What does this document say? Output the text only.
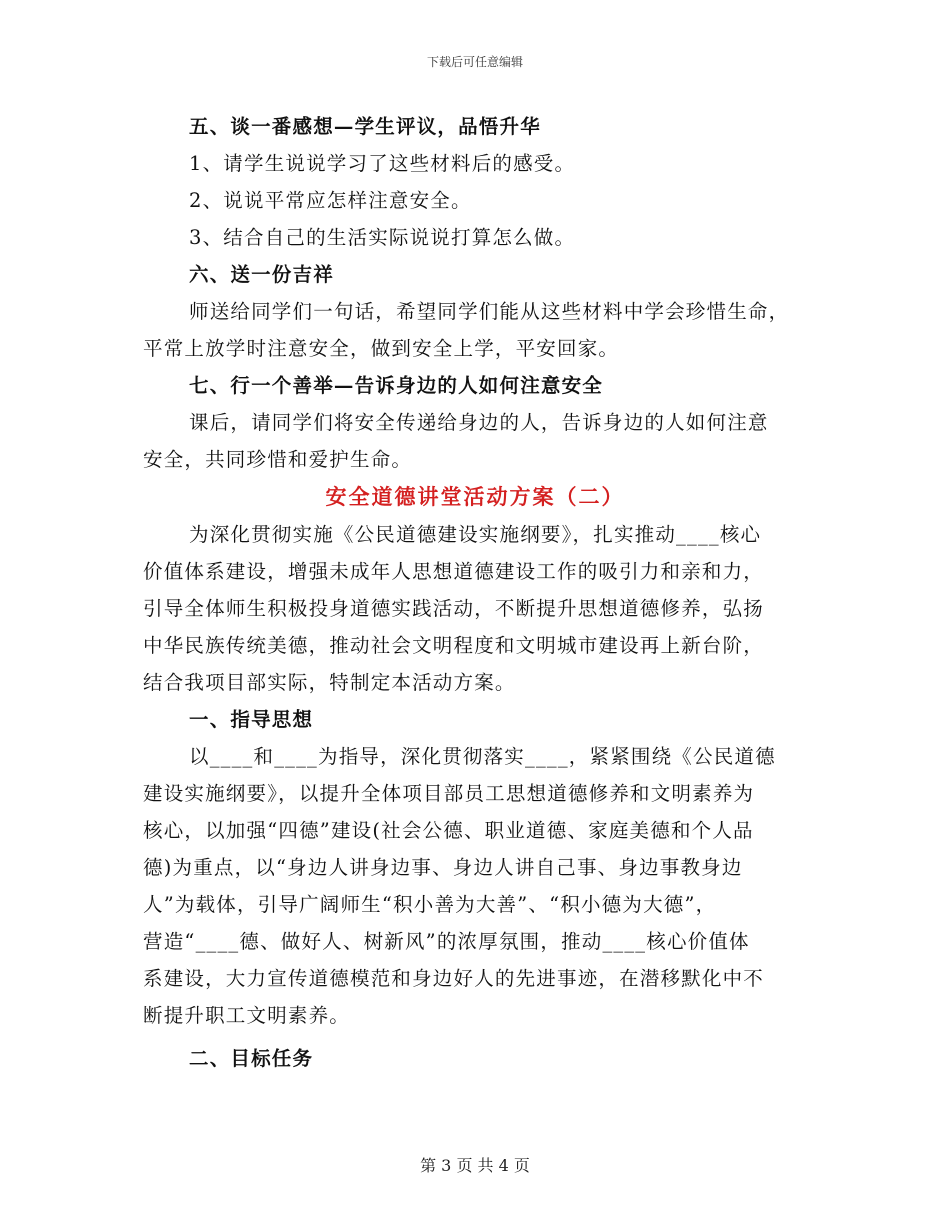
下载后可任意编辑
五、谈一番感想—学生评议，品悟升华
1、请学生说说学习了这些材料后的感受。
2、说说平常应怎样注意安全。
3、结合自己的生活实际说说打算怎么做。
六、送一份吉祥
师送给同学们一句话，希望同学们能从这些材料中学会珍惜生命，
平常上放学时注意安全，做到安全上学，平安回家。
七、行一个善举—告诉身边的人如何注意安全
课后，请同学们将安全传递给身边的人，告诉身边的人如何注意
安全，共同珍惜和爱护生命。
安全道德讲堂活动方案（二）
为深化贯彻实施《公民道德建设实施纲要》，扎实推动____核心
价值体系建设，增强未成年人思想道德建设工作的吸引力和亲和力，
引导全体师生积极投身道德实践活动，不断提升思想道德修养，弘扬
中华民族传统美德，推动社会文明程度和文明城市建设再上新台阶，
结合我项目部实际，特制定本活动方案。
一、指导思想
以____和____为指导，深化贯彻落实____，紧紧围绕《公民道德
建设实施纲要》，以提升全体项目部员工思想道德修养和文明素养为
核心，以加强“四德”建设(社会公德、职业道德、家庭美德和个人品
德)为重点，以“身边人讲身边事、身边人讲自己事、身边事教身边
人”为载体，引导广阔师生“积小善为大善”、“积小德为大德”，
营造“____德、做好人、树新风”的浓厚氛围，推动____核心价值体
系建设，大力宣传道德模范和身边好人的先进事迹，在潜移默化中不
断提升职工文明素养。
二、目标任务
第 3 页 共 4 页
